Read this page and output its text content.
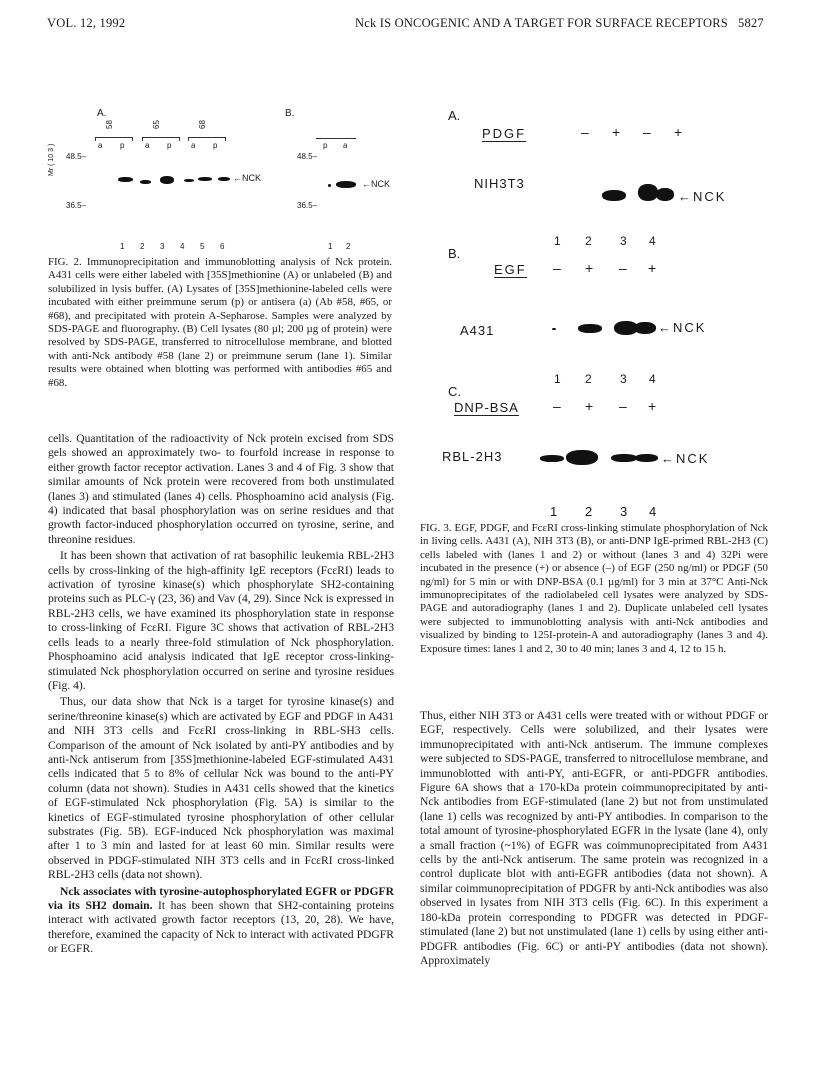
VOL. 12, 1992	Nck IS ONCOGENIC AND A TARGET FOR SURFACE RECEPTORS 5827
A.	B.
58	65	68
a p	a p a p	p a
48.5–
36.5–
Mr ( 10 3 )	48.5–
36.5–
←NCK
←NCK
1 2 3 4 5 6	1 2

FIG. 2. Immunoprecipitation and immunoblotting analysis of Nck protein. A431 cells were either labeled with [35S]methionine (A) or unlabeled (B) and solubilized in lysis buffer. (A) Lysates of [35S]methionine-labeled cells were incubated with either preimmune serum (p) or antisera (a) (Ab #58, #65, or #68), and precipitated with protein A-Sepharose. Samples were analyzed by SDS-PAGE and fluorography. (B) Cell lysates (80 µl; 200 µg of protein) were resolved by SDS-PAGE, transferred to nitrocellulose membrane, and blotted with anti-Nck antibody #58 (lane 2) or preimmune serum (lane 1). Similar results were obtained when blotting was performed with antibodies #65 and #68.

cells. Quantitation of the radioactivity of Nck protein excised from SDS gels showed an approximately two- to fourfold increase in response to either growth factor receptor activation. Lanes 3 and 4 of Fig. 3 show that similar amounts of Nck protein were recovered from both unstimulated (lanes 3) and stimulated (lanes 4) cells. Phosphoamino acid analysis (Fig. 4) indicated that basal phosphorylation was on serine residues and that growth factor-induced phosphorylation occurred on tyrosine, serine, and threonine residues.

It has been shown that activation of rat basophilic leukemia RBL-2H3 cells by cross-linking of the high-affinity IgE receptors (FcεRI) leads to activation of tyrosine kinase(s) which phosphorylate SH2-containing proteins such as PLC-γ (23, 36) and Vav (4, 29). Since Nck is expressed in RBL-2H3 cells, we have examined its phosphorylation state in response to cross-linking of FcεRI. Figure 3C shows that activation of RBL-2H3 cells leads to a nearly three-fold stimulation of Nck phosphorylation. Phosphoamino acid analysis indicated that IgE receptor cross-linking-stimulated Nck phosphorylation occurred on serine and tyrosine residues (Fig. 4).

Thus, our data show that Nck is a target for tyrosine kinase(s) and serine/threonine kinase(s) which are activated by EGF and PDGF in A431 and NIH 3T3 cells and FcεRI cross-linking in RBL-SH3 cells. Comparison of the amount of Nck isolated by anti-PY antibodies and by anti-Nck antiserum from [35S]methionine-labeled EGF-stimulated A431 cells indicated that 5 to 8% of cellular Nck was bound to the anti-PY column (data not shown). Studies in A431 cells showed that the kinetics of EGF-stimulated Nck phosphorylation (Fig. 5A) is similar to the kinetics of EGF-stimulated tyrosine phosphorylation of other cellular substrates (Fig. 5B). EGF-induced Nck phosphorylation was maximal after 1 to 3 min and lasted for at least 60 min. Similar results were observed in PDGF-stimulated NIH 3T3 cells and in FcεRI cross-linked RBL-2H3 cells (data not shown).

Nck associates with tyrosine-autophosphorylated EGFR or PDGFR via its SH2 domain. It has been shown that SH2-containing proteins interact with activated growth factor receptors (13, 20, 28). We have, therefore, examined the capacity of Nck to interact with activated PDGFR or EGFR.

A.
PDGF	– + – +
NIH3T3
←NCK
1 2 3 4
B.
EGF – + – +
A431	←NCK
1 2 3 4
C.
DNP-BSA – + – +
RBL-2H3	←NCK
1 2 3 4

FIG. 3. EGF, PDGF, and FcεRI cross-linking stimulate phosphorylation of Nck in living cells. A431 (A), NIH 3T3 (B), or anti-DNP IgE-primed RBL-2H3 (C) cells labeled with (lanes 1 and 2) or without (lanes 3 and 4) 32Pi were incubated in the presence (+) or absence (–) of EGF (250 ng/ml) or PDGF (50 ng/ml) for 5 min or with DNP-BSA (0.1 µg/ml) for 3 min at 37°C Anti-Nck immunoprecipitates of the radiolabeled cell lysates were analyzed by SDS-PAGE and autoradiography (lanes 1 and 2). Duplicate unlabeled cell lysates were subjected to immunoblotting analysis with anti-Nck antibodies and visualized by binding to 125I-protein-A and autoradiography (lanes 3 and 4). Exposure times: lanes 1 and 2, 30 to 40 min; lanes 3 and 4, 12 to 15 h.

Thus, either NIH 3T3 or A431 cells were treated with or without PDGF or EGF, respectively. Cells were solubilized, and their lysates were immunoprecipitated with anti-Nck antiserum. The immune complexes were subjected to SDS-PAGE, transferred to nitrocellulose membrane, and immunoblotted with anti-PY, anti-EGFR, or anti-PDGFR antibodies. Figure 6A shows that a 170-kDa protein coimmunoprecipitated by anti-Nck antibodies from EGF-stimulated (lane 2) but not from unstimulated (lane 1) cells was recognized by anti-PY antibodies. In comparison to the total amount of tyrosine-phosphorylated EGFR in the lysate (lane 4), only a small fraction (~1%) of EGFR was coimmunoprecipitated from A431 cells by the anti-Nck antiserum. The same protein was recognized in a control duplicate blot with anti-EGFR antibodies (data not shown). A similar coimmunoprecipitation of PDGFR by anti-Nck antibodies was also observed in lysates from NIH 3T3 cells (Fig. 6C). In this experiment a 180-kDa protein corresponding to PDGFR was detected in PDGF-stimulated (lane 2) but not unstimulated (lane 1) cells by using either anti-PDGFR antibodies (Fig. 6C) or anti-PY antibodies (data not shown). Approximately
